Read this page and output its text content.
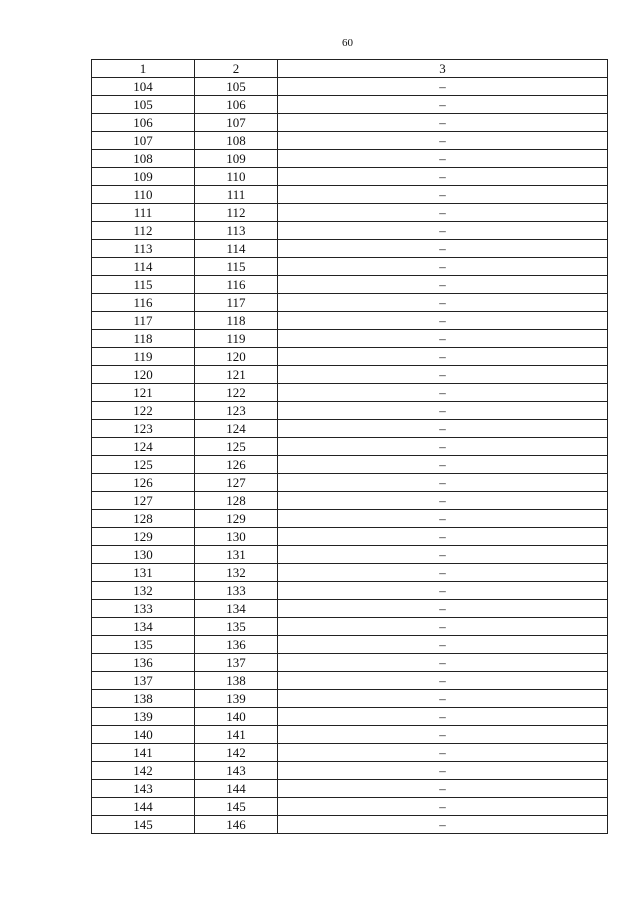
60
1	2	3
104	105	–
105	106	–
106	107	–
107	108	–
108	109	–
109	110	–
110	111	–
111	112	–
112	113	–
113	114	–
114	115	–
115	116	–
116	117	–
117	118	–
118	119	–
119	120	–
120	121	–
121	122	–
122	123	–
123	124	–
124	125	–
125	126	–
126	127	–
127	128	–
128	129	–
129	130	–
130	131	–
131	132	–
132	133	–
133	134	–
134	135	–
135	136	–
136	137	–
137	138	–
138	139	–
139	140	–
140	141	–
141	142	–
142	143	–
143	144	–
144	145	–
145	146	–
